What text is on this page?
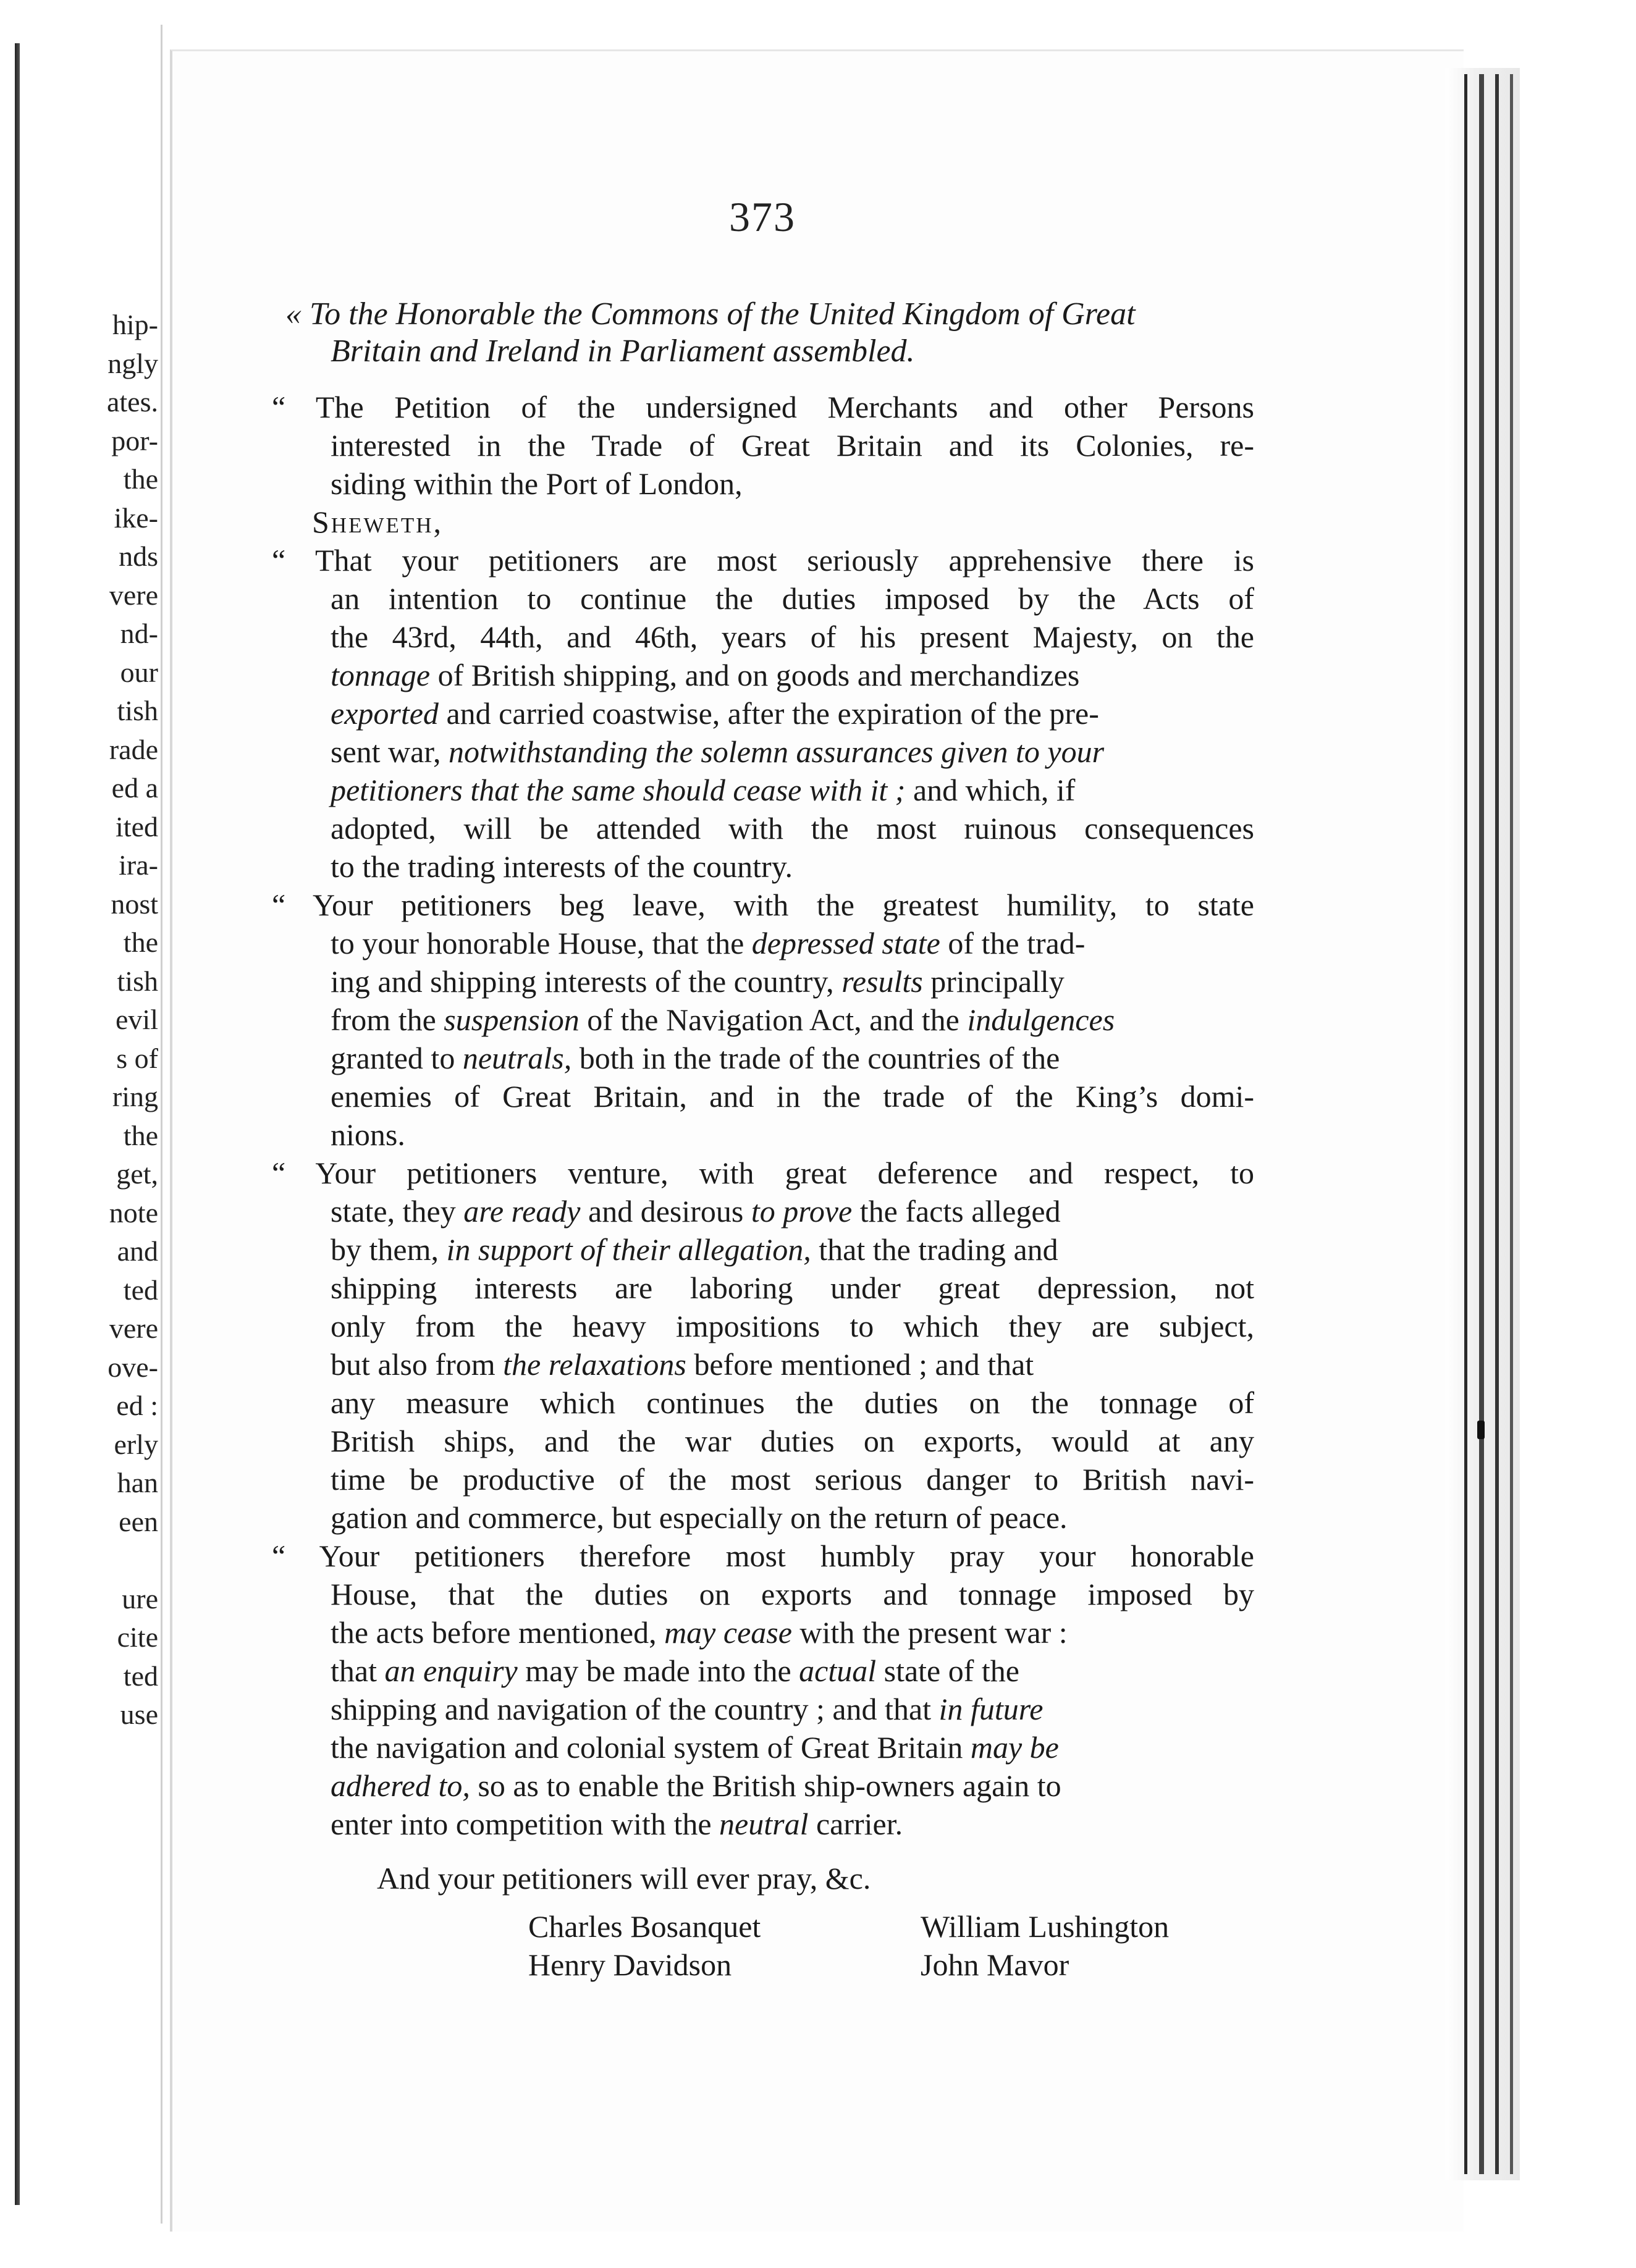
hip-
ngly
ates.
por-
the
ike-
nds
vere
nd-
our
tish
rade
ed a
ited
ira-
nost
the
tish
evil
s of
ring
the
get,
note
and
ted
vere
ove-
ed :
erly
han
een

ure
cite
ted
use
373
« To the Honorable the Commons of the United Kingdom of Great
Britain and Ireland in Parliament assembled.
“ The Petition of the undersigned Merchants and other Persons
interested in the Trade of Great Britain and its Colonies, re-
siding within the Port of London,
Sheweth,
“ That your petitioners are most seriously apprehensive there is
an intention to continue the duties imposed by the Acts of
the 43rd, 44th, and 46th, years of his present Majesty, on the
tonnage of British shipping, and on goods and merchandizes
exported and carried coastwise, after the expiration of the pre-
sent war, notwithstanding the solemn assurances given to your
petitioners that the same should cease with it ; and which, if
adopted, will be attended with the most ruinous consequences
to the trading interests of the country.
“ Your petitioners beg leave, with the greatest humility, to state
to your honorable House, that the depressed state of the trad-
ing and shipping interests of the country, results principally
from the suspension of the Navigation Act, and the indulgences
granted to neutrals, both in the trade of the countries of the
enemies of Great Britain, and in the trade of the King’s domi-
nions.
“ Your petitioners venture, with great deference and respect, to
state, they are ready and desirous to prove the facts alleged
by them, in support of their allegation, that the trading and
shipping interests are laboring under great depression, not
only from the heavy impositions to which they are subject,
but also from the relaxations before mentioned ; and that
any measure which continues the duties on the tonnage of
British ships, and the war duties on exports, would at any
time be productive of the most serious danger to British navi-
gation and commerce, but especially on the return of peace.
“ Your petitioners therefore most humbly pray your honorable
House, that the duties on exports and tonnage imposed by
the acts before mentioned, may cease with the present war :
that an enquiry may be made into the actual state of the
shipping and navigation of the country ; and that in future
the navigation and colonial system of Great Britain may be
adhered to, so as to enable the British ship-owners again to
enter into competition with the neutral carrier.
And your petitioners will ever pray, &c.
Charles Bosanquet
Henry Davidson
William Lushington
John Mavor
